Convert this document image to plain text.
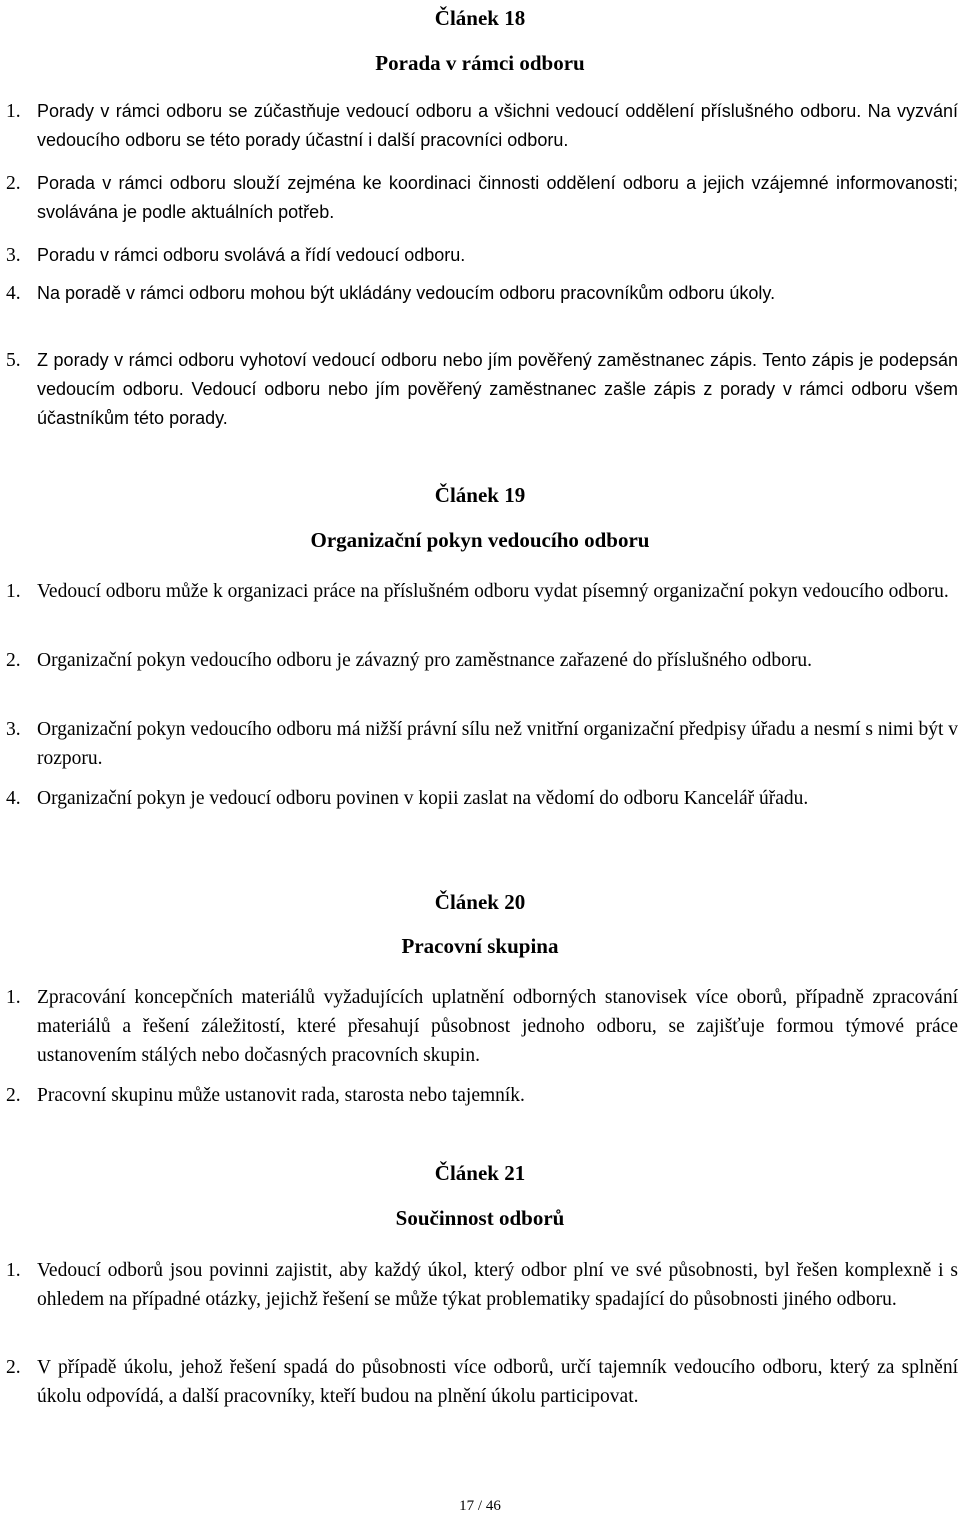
Článek 18
Porada v rámci odboru
1. Porady v rámci odboru se zúčastňuje vedoucí odboru a všichni vedoucí oddělení příslušného odboru. Na vyzvání vedoucího odboru se této porady účastní i další pracovníci odboru.
2. Porada v rámci odboru slouží zejména ke koordinaci činnosti oddělení odboru a jejich vzájemné informovanosti; svolávána je podle aktuálních potřeb.
3. Poradu v rámci odboru svolává a řídí vedoucí odboru.
4. Na poradě v rámci odboru mohou být ukládány vedoucím odboru pracovníkům odboru úkoly.
5. Z porady v rámci odboru vyhotoví vedoucí odboru nebo jím pověřený zaměstnanec zápis. Tento zápis je podepsán vedoucím odboru. Vedoucí odboru nebo jím pověřený zaměstnanec zašle zápis z porady v rámci odboru všem účastníkům této porady.
Článek 19
Organizační pokyn vedoucího odboru
1. Vedoucí odboru může k organizaci práce na příslušném odboru vydat písemný organizační pokyn vedoucího odboru.
2. Organizační pokyn vedoucího odboru je závazný pro zaměstnance zařazené do příslušného odboru.
3. Organizační pokyn vedoucího odboru má nižší právní sílu než vnitřní organizační předpisy úřadu a nesmí s nimi být v rozporu.
4. Organizační pokyn je vedoucí odboru povinen v kopii zaslat na vědomí do odboru Kancelář úřadu.
Článek 20
Pracovní skupina
1. Zpracování koncepčních materiálů vyžadujících uplatnění odborných stanovisek více oborů, případně zpracování materiálů a řešení záležitostí, které přesahují působnost jednoho odboru, se zajišťuje formou týmové práce ustanovením stálých nebo dočasných pracovních skupin.
2. Pracovní skupinu může ustanovit rada, starosta nebo tajemník.
Článek 21
Součinnost odborů
1. Vedoucí odborů jsou povinni zajistit, aby každý úkol, který odbor plní ve své působnosti, byl řešen komplexně i s ohledem na případné otázky, jejichž řešení se může týkat problematiky spadající do působnosti jiného odboru.
2. V případě úkolu, jehož řešení spadá do působnosti více odborů, určí tajemník vedoucího odboru, který za splnění úkolu odpovídá, a další pracovníky, kteří budou na plnění úkolu participovat.
17 / 46
